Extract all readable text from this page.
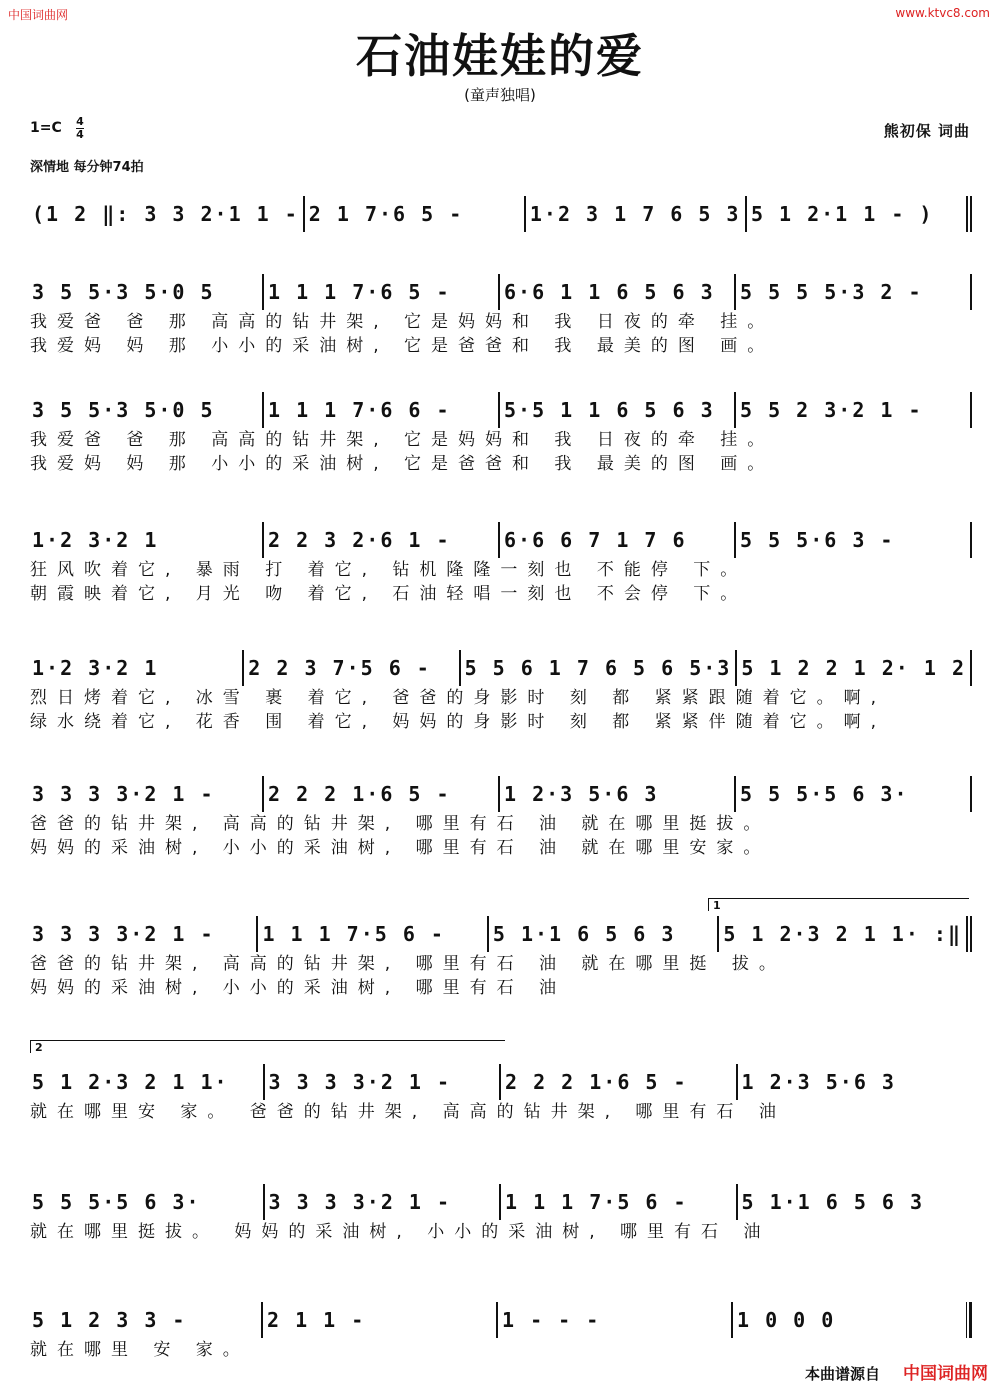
中国词曲网	www.ktvc8.com
石油娃娃的爱
(童声独唱)
1=C 4
4	熊初保 词曲
深情地 每分钟74拍
(1 2 ‖: 3 3 2·1 1 - 2 1 7·6 5 -	1·2 3 1 7 6 5 3 5 1 2·1 1 - )
3 5 5·3 5·0 5	1 1 1 7·6 5 -	6·6 1 1 6 5 6 3	5 5 5 5·3 2 -
我爱爸 爸 那 高高的钻井架, 它是妈妈和 我 日夜的牵 挂。
我爱妈 妈 那 小小的采油树, 它是爸爸和 我 最美的图 画。
3 5 5·3 5·0 5	1 1 1 7·6 6 -	5·5 1 1 6 5 6 3	5 5 2 3·2 1 -
我爱爸 爸 那 高高的钻井架, 它是妈妈和 我 日夜的牵 挂。
我爱妈 妈 那 小小的采油树, 它是爸爸和 我 最美的图 画。
1·2 3·2 1	2 2 3 2·6 1 -	6·6 6 7 1 7 6	5 5 5·6 3 -
狂风吹着它, 暴雨 打 着它, 钻机隆隆一刻也 不能停 下。
朝霞映着它, 月光 吻 着它, 石油轻唱一刻也 不会停 下。
1·2 3·2 1	2 2 3 7·5 6 -	5 5 6 1 7 6 5 6 5·3 5 1 2 2 1 2· 1 2
烈日烤着它, 冰雪 裹 着它, 爸爸的身影时 刻 都 紧紧跟随着它。啊,
绿水绕着它, 花香 围 着它, 妈妈的身影时 刻 都 紧紧伴随着它。啊,
3 3 3 3·2 1 -	2 2 2 1·6 5 -	1 2·3 5·6 3	5 5 5·5 6 3·
爸爸的钻井架, 高高的钻井架, 哪里有石 油 就在哪里挺拔。
妈妈的采油树, 小小的采油树, 哪里有石 油 就在哪里安家。
1
3 3 3 3·2 1 -	1 1 1 7·5 6 -	5 1·1 6 5 6 3	5 1 2·3 2 1 1· :‖
爸爸的钻井架, 高高的钻井架, 哪里有石 油 就在哪里挺 拔。
妈妈的采油树, 小小的采油树, 哪里有石 油
2
5 1 2·3 2 1 1·	3 3 3 3·2 1 -	2 2 2 1·6 5 -	1 2·3 5·6 3
就在哪里安 家。 爸爸的钻井架, 高高的钻井架, 哪里有石 油
5 5 5·5 6 3·	3 3 3 3·2 1 -	1 1 1 7·5 6 -	5 1·1 6 5 6 3
就在哪里挺拔。 妈妈的采油树, 小小的采油树, 哪里有石 油
5 1 2 3 3 -	2 1 1 -	1 - - -	1 0 0 0
就在哪里 安 家。
本曲谱源自 中国词曲网
